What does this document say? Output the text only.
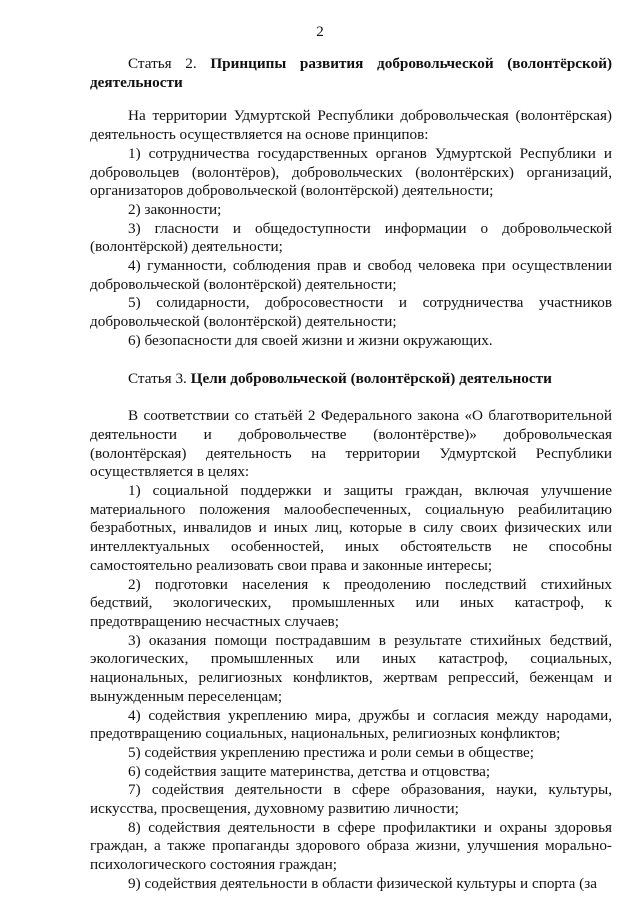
2

Статья 2. Принципы развития добровольческой (волонтёрской) деятельности

На территории Удмуртской Республики добровольческая (волонтёрская) деятельность осуществляется на основе принципов:

1) сотрудничества государственных органов Удмуртской Республики и добровольцев (волонтёров), добровольческих (волонтёрских) организаций, организаторов добровольческой (волонтёрской) деятельности;

2) законности;

3) гласности и общедоступности информации о добровольческой (волонтёрской) деятельности;

4) гуманности, соблюдения прав и свобод человека при осуществлении добровольческой (волонтёрской) деятельности;

5) солидарности, добросовестности и сотрудничества участников добровольческой (волонтёрской) деятельности;

6) безопасности для своей жизни и жизни окружающих.

Статья 3. Цели добровольческой (волонтёрской) деятельности

В соответствии со статьёй 2 Федерального закона «О благотворительной деятельности и добровольчестве (волонтёрстве)» добровольческая (волонтёрская) деятельность на территории Удмуртской Республики осуществляется в целях:

1) социальной поддержки и защиты граждан, включая улучшение материального положения малообеспеченных, социальную реабилитацию безработных, инвалидов и иных лиц, которые в силу своих физических или интеллектуальных особенностей, иных обстоятельств не способны самостоятельно реализовать свои права и законные интересы;

2) подготовки населения к преодолению последствий стихийных бедствий, экологических, промышленных или иных катастроф, к предотвращению несчастных случаев;

3) оказания помощи пострадавшим в результате стихийных бедствий, экологических, промышленных или иных катастроф, социальных, национальных, религиозных конфликтов, жертвам репрессий, беженцам и вынужденным переселенцам;

4) содействия укреплению мира, дружбы и согласия между народами, предотвращению социальных, национальных, религиозных конфликтов;

5) содействия укреплению престижа и роли семьи в обществе;

6) содействия защите материнства, детства и отцовства;

7) содействия деятельности в сфере образования, науки, культуры, искусства, просвещения, духовному развитию личности;

8) содействия деятельности в сфере профилактики и охраны здоровья граждан, а также пропаганды здорового образа жизни, улучшения морально-психологического состояния граждан;

9) содействия деятельности в области физической культуры и спорта (за
